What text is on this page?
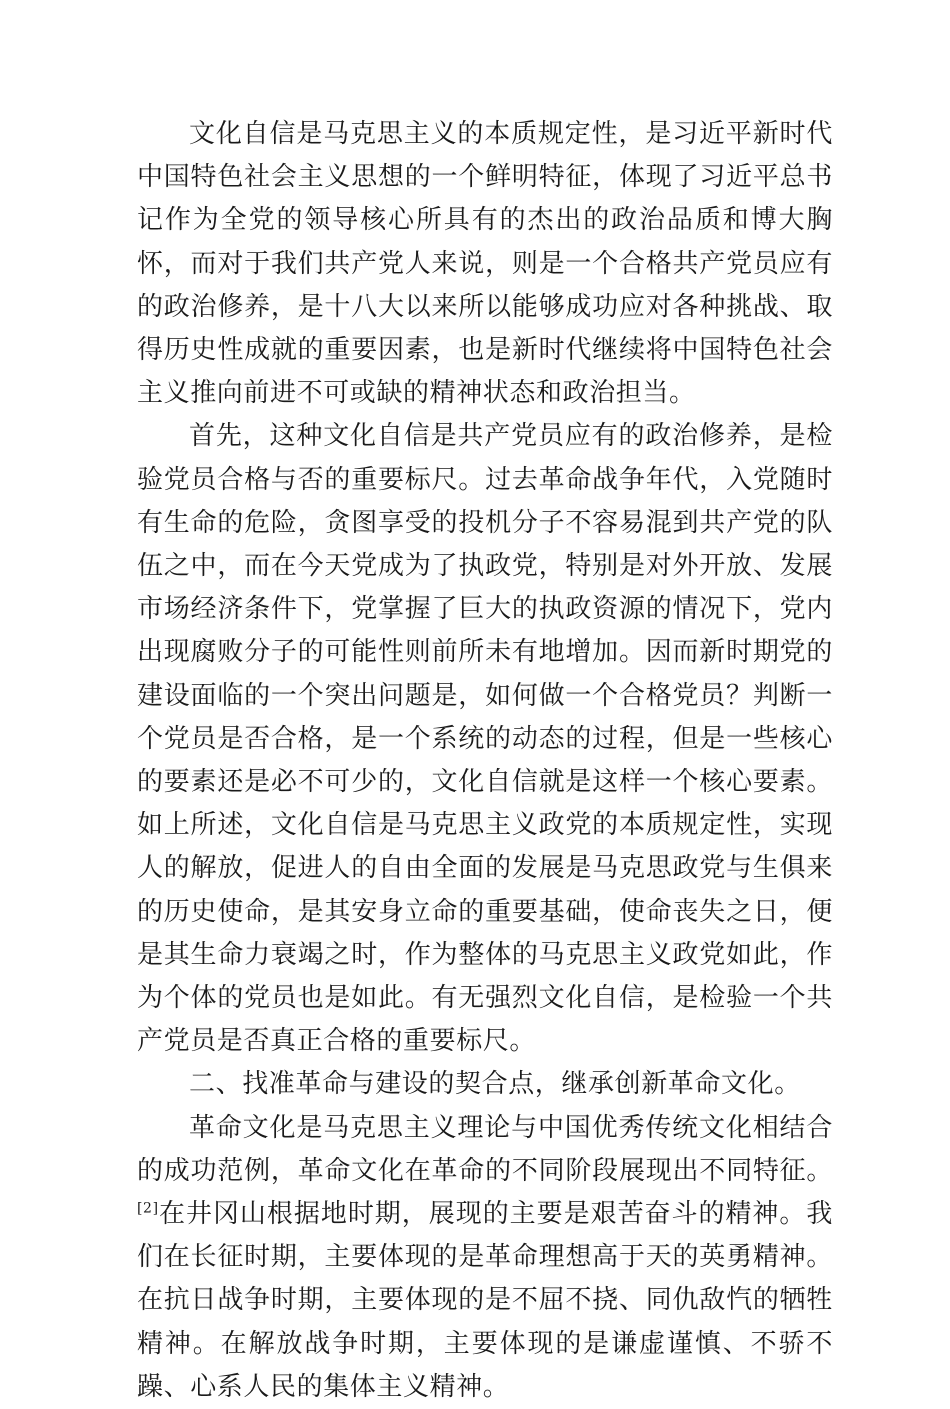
文化自信是马克思主义的本质规定性，是习近平新时代中国特色社会主义思想的一个鲜明特征，体现了习近平总书记作为全党的领导核心所具有的杰出的政治品质和博大胸怀，而对于我们共产党人来说，则是一个合格共产党员应有的政治修养，是十八大以来所以能够成功应对各种挑战、取得历史性成就的重要因素，也是新时代继续将中国特色社会主义推向前进不可或缺的精神状态和政治担当。

首先，这种文化自信是共产党员应有的政治修养，是检验党员合格与否的重要标尺。过去革命战争年代，入党随时有生命的危险，贪图享受的投机分子不容易混到共产党的队伍之中，而在今天党成为了执政党，特别是对外开放、发展市场经济条件下，党掌握了巨大的执政资源的情况下，党内出现腐败分子的可能性则前所未有地增加。因而新时期党的建设面临的一个突出问题是，如何做一个合格党员？判断一个党员是否合格，是一个系统的动态的过程，但是一些核心的要素还是必不可少的，文化自信就是这样一个核心要素。如上所述，文化自信是马克思主义政党的本质规定性，实现人的解放，促进人的自由全面的发展是马克思政党与生俱来的历史使命，是其安身立命的重要基础，使命丧失之日，便是其生命力衰竭之时，作为整体的马克思主义政党如此，作为个体的党员也是如此。有无强烈文化自信，是检验一个共产党员是否真正合格的重要标尺。

二、找准革命与建设的契合点，继承创新革命文化。

革命文化是马克思主义理论与中国优秀传统文化相结合的成功范例，革命文化在革命的不同阶段展现出不同特征。[2]在井冈山根据地时期，展现的主要是艰苦奋斗的精神。我们在长征时期，主要体现的是革命理想高于天的英勇精神。在抗日战争时期，主要体现的是不屈不挠、同仇敌忾的牺牲精神。在解放战争时期，主要体现的是谦虚谨慎、不骄不躁、心系人民的集体主义精神。
